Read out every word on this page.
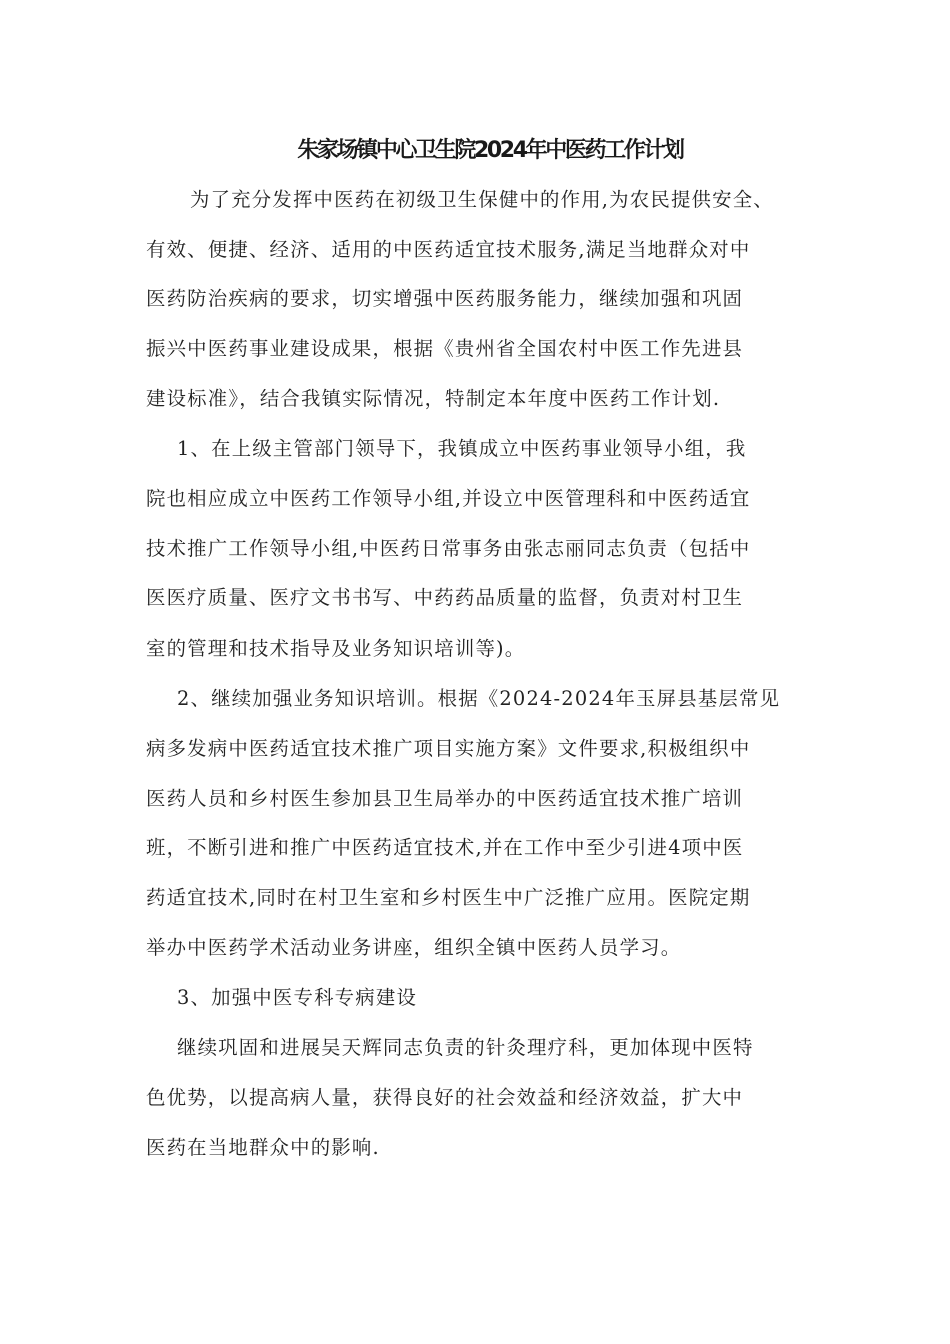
朱家场镇中心卫生院2024年中医药工作计划
为了充分发挥中医药在初级卫生保健中的作用,为农民提供安全、
有效、便捷、经济、适用的中医药适宜技术服务,满足当地群众对中
医药防治疾病的要求，切实增强中医药服务能力，继续加强和巩固
振兴中医药事业建设成果，根据《贵州省全国农村中医工作先进县
建设标准》，结合我镇实际情况，特制定本年度中医药工作计划.
1、在上级主管部门领导下，我镇成立中医药事业领导小组，我
院也相应成立中医药工作领导小组,并设立中医管理科和中医药适宜
技术推广工作领导小组,中医药日常事务由张志丽同志负责（包括中
医医疗质量、医疗文书书写、中药药品质量的监督，负责对村卫生
室的管理和技术指导及业务知识培训等)。
2、继续加强业务知识培训。根据《2024-2024年玉屏县基层常见
病多发病中医药适宜技术推广项目实施方案》文件要求,积极组织中
医药人员和乡村医生参加县卫生局举办的中医药适宜技术推广培训
班，不断引进和推广中医药适宜技术,并在工作中至少引进4项中医
药适宜技术,同时在村卫生室和乡村医生中广泛推广应用。医院定期
举办中医药学术活动业务讲座，组织全镇中医药人员学习。
3、加强中医专科专病建设
继续巩固和进展吴天辉同志负责的针灸理疗科，更加体现中医特
色优势，以提高病人量，获得良好的社会效益和经济效益，扩大中
医药在当地群众中的影响.
